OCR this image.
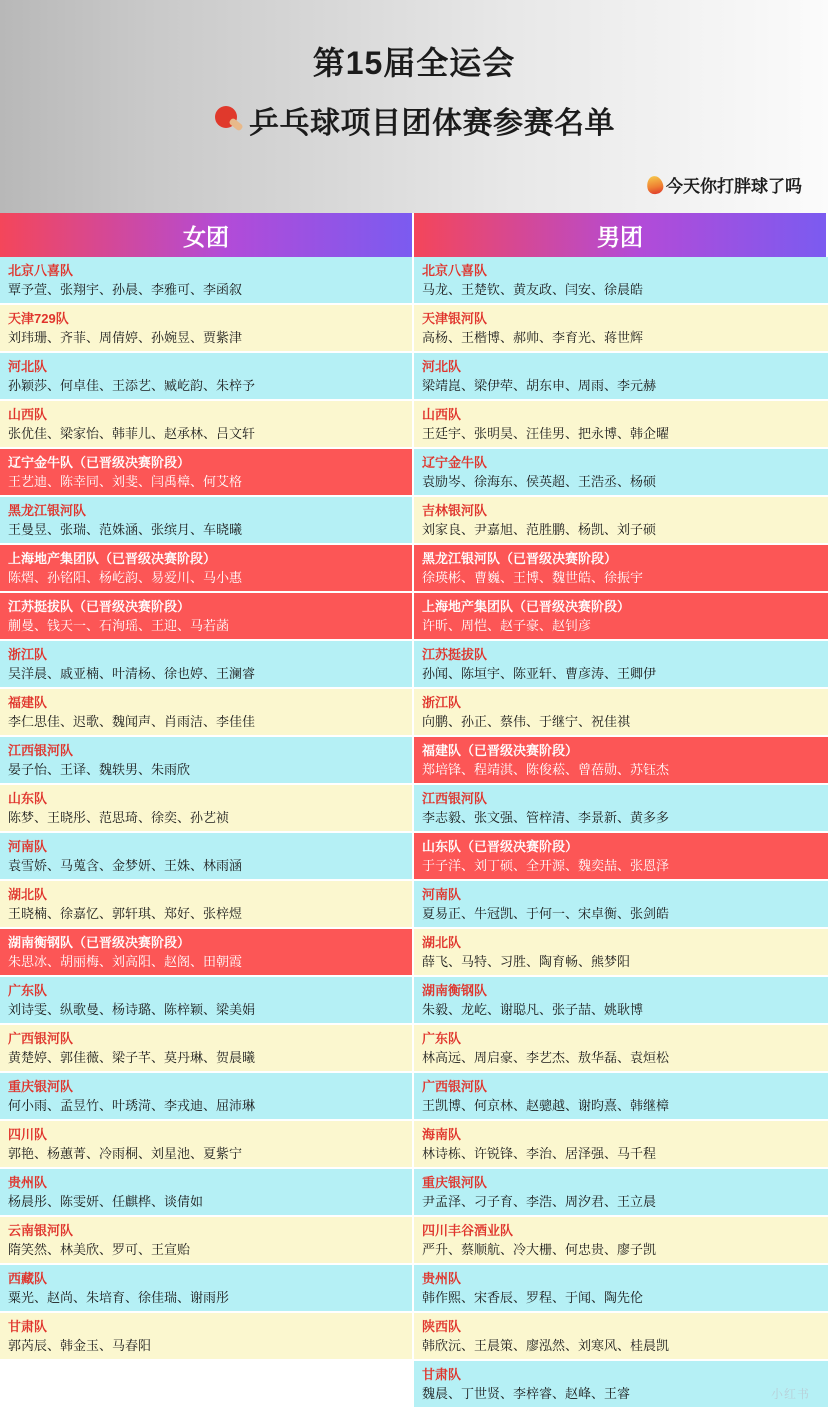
第15届全运会
乒乓球项目团体赛参赛名单
今天你打胖球了吗
女团	男团
北京八喜队
覃予萱、张翔宇、孙晨、李雅可、李函叙
天津729队
刘玮珊、齐菲、周倩婷、孙婉昱、贾紫津
河北队
孙颖莎、何卓佳、王添艺、臧屹韵、朱梓予
山西队
张优佳、梁家怡、韩菲儿、赵承林、吕文轩
辽宁金牛队（已晋级决赛阶段）
王艺迪、陈幸同、刘斐、闫禹樟、何艾格
黑龙江银河队
王曼昱、张瑞、范姝涵、张缤月、车晓曦
上海地产集团队（已晋级决赛阶段）
陈熠、孙铭阳、杨屹韵、易爱川、马小惠
江苏挺拔队（已晋级决赛阶段）
蒯曼、钱天一、石洵瑶、王迎、马若菡
浙江队
吴洋晨、戚亚楠、叶清杨、徐也婷、王澜睿
福建队
李仁思佳、迟歌、魏闻声、肖雨洁、李佳佳
江西银河队
晏子怡、王译、魏轶男、朱雨欣
山东队
陈梦、王晓彤、范思琦、徐奕、孙艺祯
河南队
袁雪娇、马蒐含、金梦妍、王姝、林雨涵
湖北队
王晓楠、徐嘉忆、郭轩琪、郑好、张梓煜
湖南衡钢队（已晋级决赛阶段）
朱思冰、胡丽梅、刘高阳、赵阁、田朝霞
广东队
刘诗雯、纵歌曼、杨诗璐、陈梓颖、梁美娟
广西银河队
黄楚婷、郭佳薇、梁子芊、莫丹琳、贺晨曦
重庆银河队
何小雨、孟昱竹、叶琇渮、李戎迪、屈沛琳
四川队
郭艳、杨蕙菁、冷雨桐、刘星池、夏紫宁
贵州队
杨晨彤、陈雯妍、任麒桦、谈倩如
云南银河队
隋笑然、林美欣、罗可、王宣贻
西藏队
粟光、赵尚、朱培育、徐佳瑞、谢雨彤
甘肃队
郭芮辰、韩金玉、马春阳
北京八喜队
马龙、王楚钦、黄友政、闫安、徐晨皓
天津银河队
高杨、王楷博、郝帅、李育光、蒋世辉
河北队
梁靖崑、梁伊荦、胡东申、周雨、李元赫
山西队
王廷宇、张明昊、汪佳男、把永博、韩企曜
辽宁金牛队
袁励岑、徐海东、侯英超、王浩丞、杨硕
吉林银河队
刘家良、尹嘉旭、范胜鹏、杨凯、刘子硕
黑龙江银河队（已晋级决赛阶段）
徐瑛彬、曹巍、王博、魏世皓、徐振宇
上海地产集团队（已晋级决赛阶段）
许昕、周恺、赵子豪、赵钊彦
江苏挺拔队
孙闻、陈垣宇、陈亚轩、曹彦涛、王卿伊
浙江队
向鹏、孙正、蔡伟、于继宁、祝佳祺
福建队（已晋级决赛阶段）
郑培锋、程靖淇、陈俊菘、曾蓓勋、苏钰杰
江西银河队
李志毅、张文强、管梓清、李景新、黄多多
山东队（已晋级决赛阶段）
于子洋、刘丁硕、全开源、魏奕喆、张恩泽
河南队
夏易正、牛冠凯、于何一、宋卓衡、张剑皓
湖北队
薛飞、马特、习胜、陶育畅、熊梦阳
湖南衡钢队
朱毅、龙屹、谢聪凡、张子喆、姚耿博
广东队
林高远、周启豪、李艺杰、敖华磊、袁烜松
广西银河队
王凯博、何京林、赵骢越、谢昀熹、韩继樟
海南队
林诗栋、许锐锋、李治、居泽强、马千程
重庆银河队
尹孟泽、刁子育、李浩、周汐君、王立晨
四川丰谷酒业队
严升、蔡顺航、冷大栅、何忠贵、廖子凯
贵州队
韩作熙、宋香辰、罗程、于闻、陶先伦
陕西队
韩欣沅、王晨策、廖泓然、刘寒风、桂晨凯
甘肃队
魏晨、丁世贤、李梓睿、赵峰、王睿	小红书
